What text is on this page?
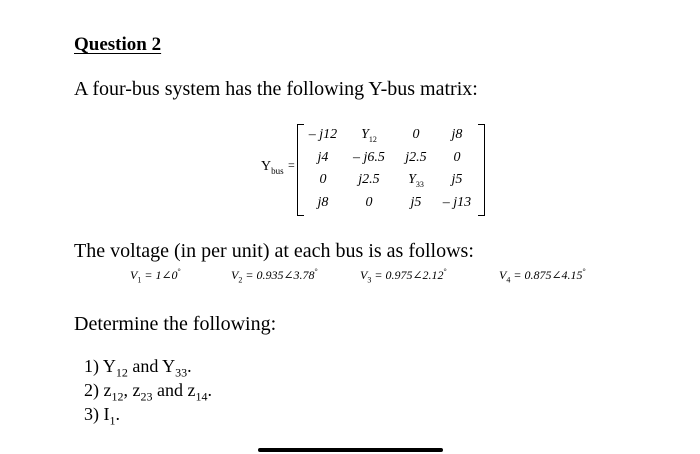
Question 2
A four-bus system has the following Y-bus matrix:
$Y_{bus}$ =
– j12	$Y_{12}$	0	j8
j4	– j6.5	j2.5	0
0	j2.5	$Y_{33}$	j5
j8	0	j5	– j13
The voltage (in per unit) at each bus is as follows:
$V_1$ = 1∠0°	$V_2$ = 0.935∠3.78°	$V_3$ = 0.975∠2.12°	$V_4$ = 0.875∠4.15°
Determine the following:
1) $Y_{12}$ and $Y_{33}$.
2) $z_{12}$, $z_{23}$ and $z_{14}$.
3) $I_1$.
